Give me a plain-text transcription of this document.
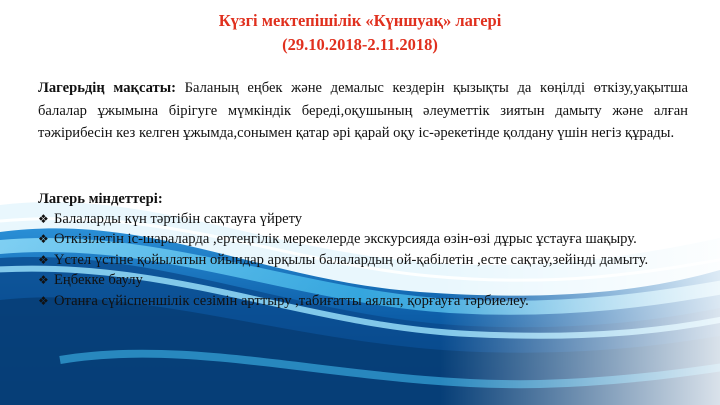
Күзгі мектепішілік «Күншуақ» лагері
(29.10.2018-2.11.2018)
Лагерьдің мақсаты: Баланың еңбек және демалыс кездерін қызықты да көңілді өткізу,уақытша балалар ұжымына бірігуге мүмкіндік береді,оқушының әлеуметтік зиятын дамыту және алған тәжірибесін кез келген ұжымда,сонымен қатар әрі қарай оқу іс-әрекетінде қолдану үшін негіз құрады.
Лагерь міндеттері:
❖ Балаларды күн тәртібін сақтауға үйрету
❖ Өткізілетін іс-шараларда ,ертеңгілік мерекелерде экскурсияда өзін-өзі дұрыс ұстауға шақыру.
❖ Үстел үстіне қойылатын ойындар арқылы балалардың ой-қабілетін ,есте сақтау,зейінді дамыту.
❖ Еңбекке баулу
❖ Отанға сүйіспеншілік сезімін арттыру ,табиғатты аялап, қорғауға тәрбиелеу.
